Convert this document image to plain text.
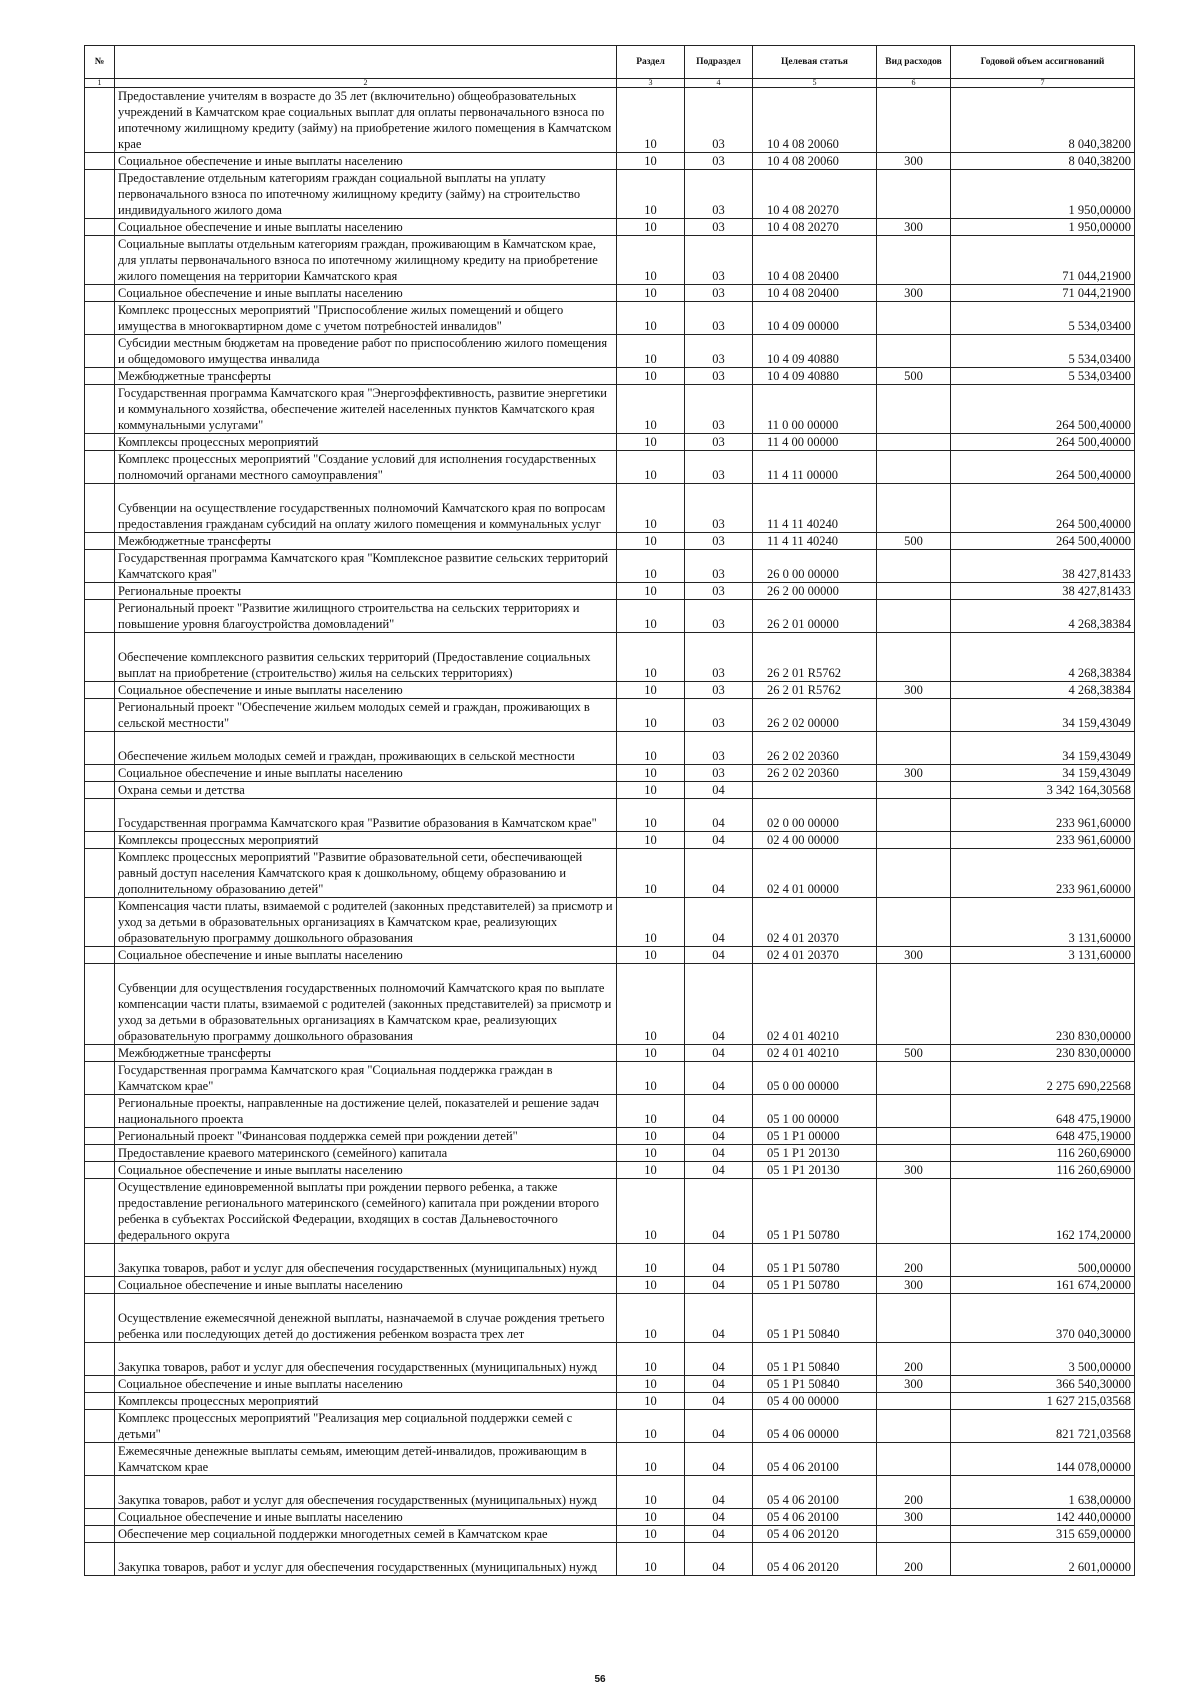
№		Раздел	Подраздел	Целевая статья	Вид расходов	Годовой объем ассигнований
1	2	3	4	5	6	7
	Предоставление учителям в возрасте до 35 лет (включительно) общеобразовательных учреждений в Камчатском крае социальных выплат для оплаты первоначального взноса по ипотечному жилищному кредиту (займу) на приобретение жилого помещения в Камчатском крае	10	03	10 4 08 20060		8 040,38200
	Социальное обеспечение и иные выплаты населению	10	03	10 4 08 20060	300	8 040,38200
	Предоставление отдельным категориям граждан социальной выплаты на уплату первоначального взноса по ипотечному жилищному кредиту (займу) на строительство индивидуального жилого дома	10	03	10 4 08 20270		1 950,00000
	Социальное обеспечение и иные выплаты населению	10	03	10 4 08 20270	300	1 950,00000
	Социальные выплаты отдельным категориям граждан, проживающим в Камчатском крае, для уплаты первоначального взноса по ипотечному жилищному кредиту на приобретение жилого помещения на территории Камчатского края	10	03	10 4 08 20400		71 044,21900
	Социальное обеспечение и иные выплаты населению	10	03	10 4 08 20400	300	71 044,21900
	Комплекс процессных мероприятий "Приспособление жилых помещений и общего имущества в многоквартирном доме с учетом потребностей инвалидов"	10	03	10 4 09 00000		5 534,03400
	Субсидии местным бюджетам на проведение работ по приспособлению жилого помещения и общедомового имущества инвалида	10	03	10 4 09 40880		5 534,03400
	Межбюджетные трансферты	10	03	10 4 09 40880	500	5 534,03400
	Государственная программа Камчатского края "Энергоэффективность, развитие энергетики и коммунального хозяйства, обеспечение жителей населенных пунктов Камчатского края коммунальными услугами"	10	03	11 0 00 00000		264 500,40000
	Комплексы процессных мероприятий	10	03	11 4 00 00000		264 500,40000
	Комплекс процессных мероприятий "Создание условий для исполнения государственных полномочий органами местного самоуправления"	10	03	11 4 11 00000		264 500,40000
	Субвенции на осуществление государственных полномочий Камчатского края по вопросам предоставления гражданам субсидий на оплату жилого помещения и коммунальных услуг	10	03	11 4 11 40240		264 500,40000
	Межбюджетные трансферты	10	03	11 4 11 40240	500	264 500,40000
	Государственная программа Камчатского края "Комплексное развитие сельских территорий Камчатского края"	10	03	26 0 00 00000		38 427,81433
	Региональные проекты	10	03	26 2 00 00000		38 427,81433
	Региональный проект "Развитие жилищного строительства на сельских территориях и повышение уровня благоустройства домовладений"	10	03	26 2 01 00000		4 268,38384
	Обеспечение комплексного развития сельских территорий (Предоставление социальных выплат на приобретение (строительство) жилья на сельских территориях)	10	03	26 2 01 R5762		4 268,38384
	Социальное обеспечение и иные выплаты населению	10	03	26 2 01 R5762	300	4 268,38384
	Региональный проект "Обеспечение жильем молодых семей и граждан, проживающих в сельской местности"	10	03	26 2 02 00000		34 159,43049
	Обеспечение жильем молодых семей и граждан, проживающих в сельской местности	10	03	26 2 02 20360		34 159,43049
	Социальное обеспечение и иные выплаты населению	10	03	26 2 02 20360	300	34 159,43049
	Охрана семьи и детства	10	04			3 342 164,30568
	Государственная программа Камчатского края "Развитие образования в Камчатском крае"	10	04	02 0 00 00000		233 961,60000
	Комплексы процессных мероприятий	10	04	02 4 00 00000		233 961,60000
	Комплекс процессных мероприятий "Развитие образовательной сети, обеспечивающей равный доступ населения Камчатского края к дошкольному, общему образованию и дополнительному образованию детей"	10	04	02 4 01 00000		233 961,60000
	Компенсация части платы, взимаемой с родителей (законных представителей) за присмотр и уход за детьми в образовательных организациях в Камчатском крае, реализующих образовательную программу дошкольного образования	10	04	02 4 01 20370		3 131,60000
	Социальное обеспечение и иные выплаты населению	10	04	02 4 01 20370	300	3 131,60000
	Субвенции для осуществления государственных полномочий Камчатского края по выплате компенсации части платы, взимаемой с родителей (законных представителей) за присмотр и уход за детьми в образовательных организациях в Камчатском крае, реализующих образовательную программу дошкольного образования	10	04	02 4 01 40210		230 830,00000
	Межбюджетные трансферты	10	04	02 4 01 40210	500	230 830,00000
	Государственная программа Камчатского края "Социальная поддержка граждан в Камчатском крае"	10	04	05 0 00 00000		2 275 690,22568
	Региональные проекты, направленные на достижение целей, показателей и решение задач национального проекта	10	04	05 1 00 00000		648 475,19000
	Региональный проект "Финансовая поддержка семей при рождении детей"	10	04	05 1 P1 00000		648 475,19000
	Предоставление краевого материнского (семейного) капитала	10	04	05 1 P1 20130		116 260,69000
	Социальное обеспечение и иные выплаты населению	10	04	05 1 P1 20130	300	116 260,69000
	Осуществление единовременной выплаты при рождении первого ребенка, а также предоставление регионального материнского (семейного) капитала при рождении второго ребенка в субъектах Российской Федерации, входящих в состав Дальневосточного федерального округа	10	04	05 1 P1 50780		162 174,20000
	Закупка товаров, работ и услуг для обеспечения государственных (муниципальных) нужд	10	04	05 1 P1 50780	200	500,00000
	Социальное обеспечение и иные выплаты населению	10	04	05 1 P1 50780	300	161 674,20000
	Осуществление ежемесячной денежной выплаты, назначаемой в случае рождения третьего ребенка или последующих детей до достижения ребенком возраста трех лет	10	04	05 1 P1 50840		370 040,30000
	Закупка товаров, работ и услуг для обеспечения государственных (муниципальных) нужд	10	04	05 1 P1 50840	200	3 500,00000
	Социальное обеспечение и иные выплаты населению	10	04	05 1 P1 50840	300	366 540,30000
	Комплексы процессных мероприятий	10	04	05 4 00 00000		1 627 215,03568
	Комплекс процессных мероприятий "Реализация мер социальной поддержки семей с детьми"	10	04	05 4 06 00000		821 721,03568
	Ежемесячные денежные выплаты семьям, имеющим детей-инвалидов, проживающим в Камчатском крае	10	04	05 4 06 20100		144 078,00000
	Закупка товаров, работ и услуг для обеспечения государственных (муниципальных) нужд	10	04	05 4 06 20100	200	1 638,00000
	Социальное обеспечение и иные выплаты населению	10	04	05 4 06 20100	300	142 440,00000
	Обеспечение мер социальной поддержки многодетных семей в Камчатском крае	10	04	05 4 06 20120		315 659,00000
	Закупка товаров, работ и услуг для обеспечения государственных (муниципальных) нужд	10	04	05 4 06 20120	200	2 601,00000
56
